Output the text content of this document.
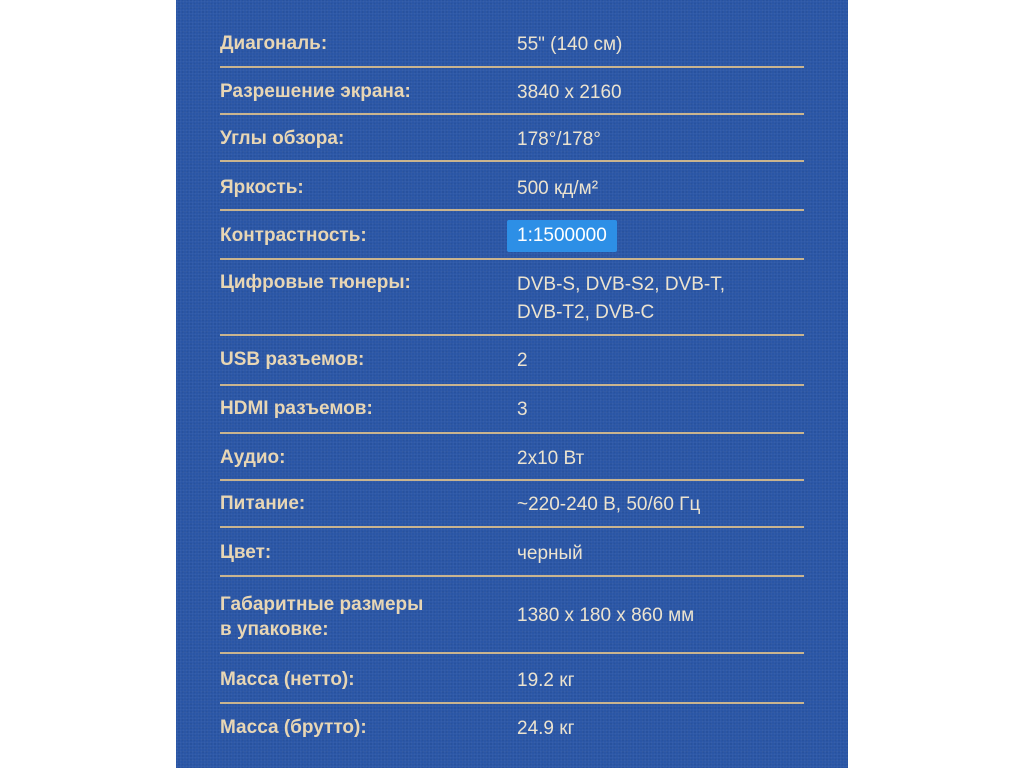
Диагональ:	55" (140 см)
Разрешение экрана:	3840 x 2160
Углы обзора:	178°/178°
Яркость:	500 кд/м²
Контрастность:	1:1500000
Цифровые тюнеры:	DVB-S, DVB-S2, DVB-T,
DVB-T2, DVB-C
USB разъемов:	2
HDMI разъемов:	3
Аудио:	2x10 Вт
Питание:	~220-240 В, 50/60 Гц
Цвет:	черный
Габаритные размеры
в упаковке:
1380 x 180 x 860 мм
Масса (нетто):	19.2 кг
Масса (брутто):	24.9 кг
